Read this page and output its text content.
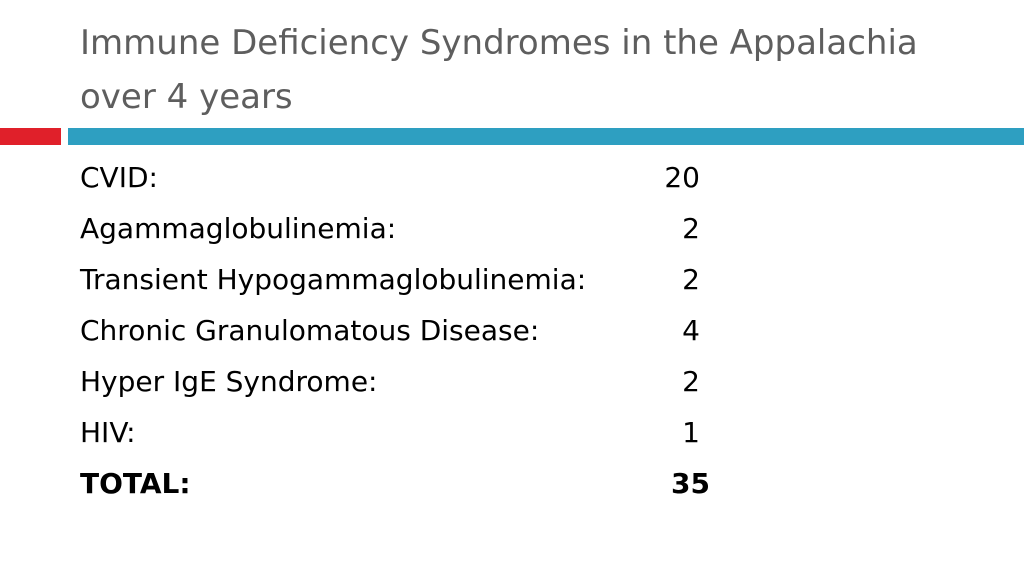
Immune Deficiency Syndromes in the Appalachia over 4 years
CVID:	20
Agammaglobulinemia:	2
Transient Hypogammaglobulinemia:	2
Chronic Granulomatous Disease:	4
Hyper IgE Syndrome:	2
HIV:	1
TOTAL:	35
